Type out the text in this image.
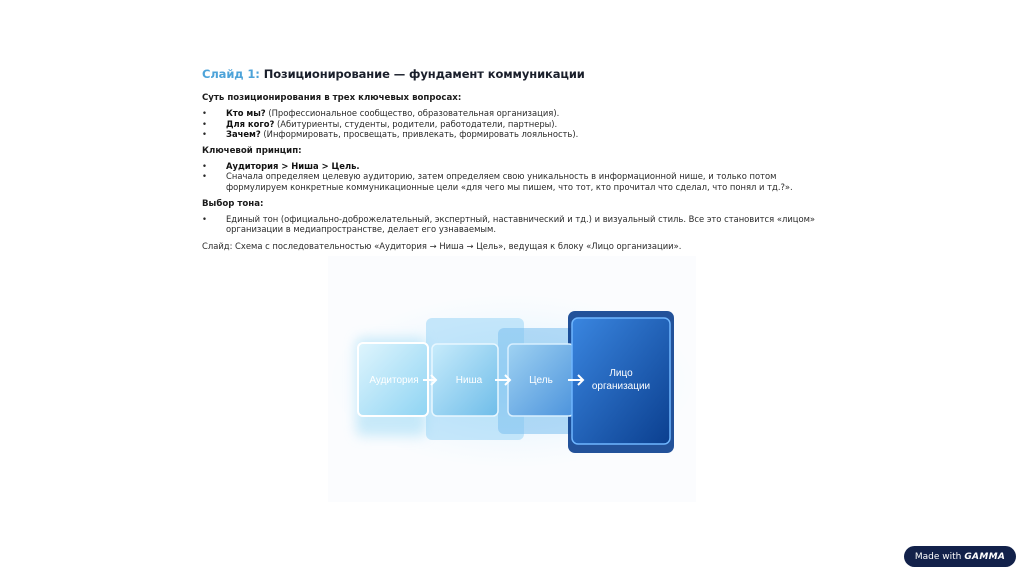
Слайд 1: Позиционирование — фундамент коммуникации
Суть позиционирования в трех ключевых вопросах:
•	Кто мы? (Профессиональное сообщество, образовательная организация).
•	Для кого? (Абитуриенты, студенты, родители, работодатели, партнеры).
•	Зачем? (Информировать, просвещать, привлекать, формировать лояльность).
Ключевой принцип:
•	Аудитория > Ниша > Цель.
•	Сначала определяем целевую аудиторию, затем определяем свою уникальность в информационной нише, и только потом формулируем конкретные коммуникационные цели «для чего мы пишем, что тот, кто прочитал что сделал, что понял и тд.?».
Выбор тона:
•	Единый тон (официально-доброжелательный, экспертный, наставнический и тд.) и визуальный стиль. Все это становится «лицом» организации в медиапространстве, делает его узнаваемым.
Слайд: Схема с последовательностью «Аудитория → Ниша → Цель», ведущая к блоку «Лицо организации».
Аудитория	Ниша	Цель
Лицо
организации
Made with GAMMA
